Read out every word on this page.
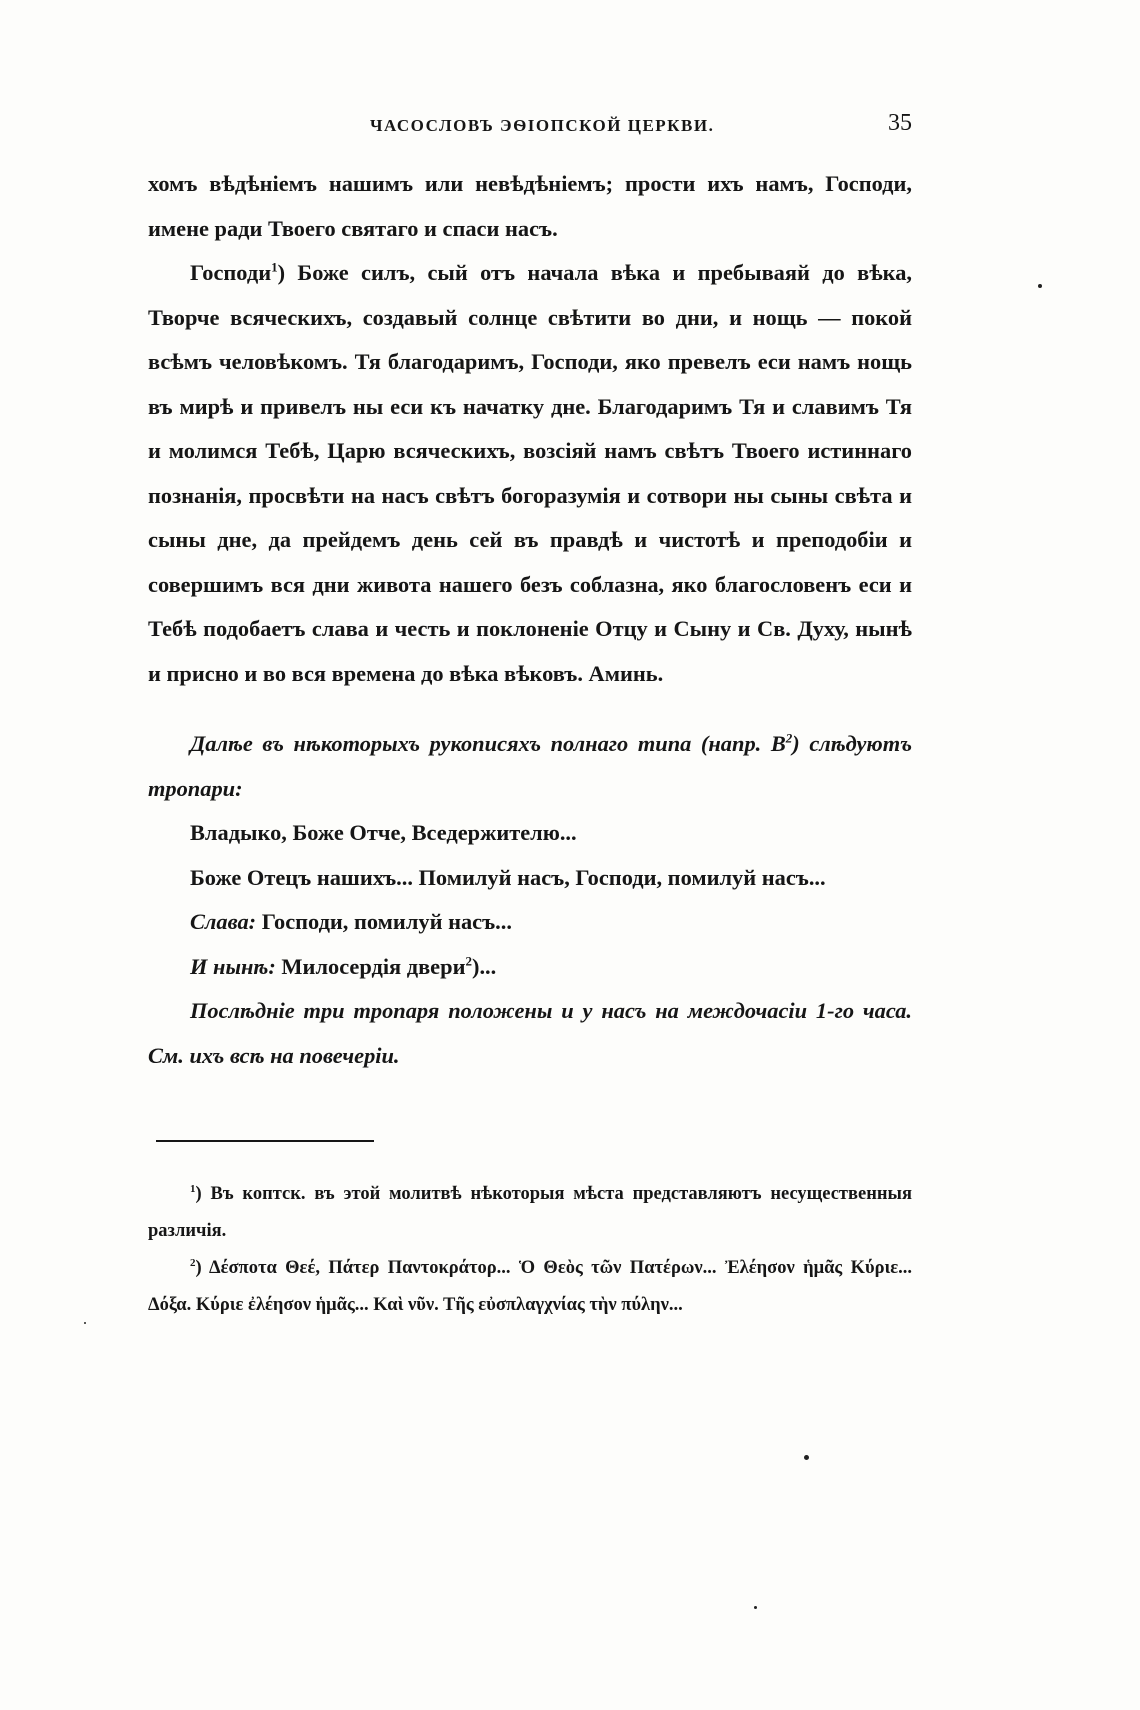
ЧАСОСЛОВЪ ЭѲІОПСКОЙ ЦЕРКВИ.	35

хомъ вѣдѣніемъ нашимъ или невѣдѣніемъ; прости ихъ намъ, Господи, имене ради Твоего святаго и спаси насъ.

Господи$^1$) Боже силъ, сый отъ начала вѣка и пребываяй до вѣка, Творче всяческихъ, создавый солнце свѣтити во дни, и нощь — покой всѣмъ человѣкомъ. Тя благодаримъ, Господи, яко превелъ еси намъ нощь въ мирѣ и привелъ ны еси къ начатку дне. Благодаримъ Тя и славимъ Тя и молимся Тебѣ, Царю всяческихъ, возсіяй намъ свѣтъ Твоего истиннаго познанія, просвѣти на насъ свѣтъ богоразумія и сотвори ны сыны свѣта и сыны дне, да прейдемъ день сей въ правдѣ и чистотѣ и преподобіи и совершимъ вся дни живота нашего безъ соблазна, яко благословенъ еси и Тебѣ подобаетъ слава и честь и поклоненіе Отцу и Сыну и Св. Духу, нынѣ и присно и во вся времена до вѣка вѣковъ. Аминь.

Далѣе въ нѣкоторыхъ рукописяхъ полнаго типа (напр. $B^2$) слѣдуютъ тропари:

Владыко, Боже Отче, Вседержителю...

Боже Отецъ нашихъ... Помилуй насъ, Господи, помилуй насъ...

Слава: Господи, помилуй насъ...

И нынѣ: Милосердія двери$^2$)...

Послѣдніе три тропаря положены и у насъ на междочасіи 1-го часа. См. ихъ всѣ на повечеріи.

$^1$) Въ коптск. въ этой молитвѣ нѣкоторыя мѣста представляютъ несущественныя различія.

$^2$) Δέσποτα Θεέ, Πάτερ Παντοκράτορ... Ὁ Θεὸς τῶν Πατέρων... Ἐλέησον ἡμᾶς Κύριε... Δόξα. Κύριε ἐλέησον ἡμᾶς... Καὶ νῦν. Τῆς εὐσπλαγχνίας τὴν πύλην...
